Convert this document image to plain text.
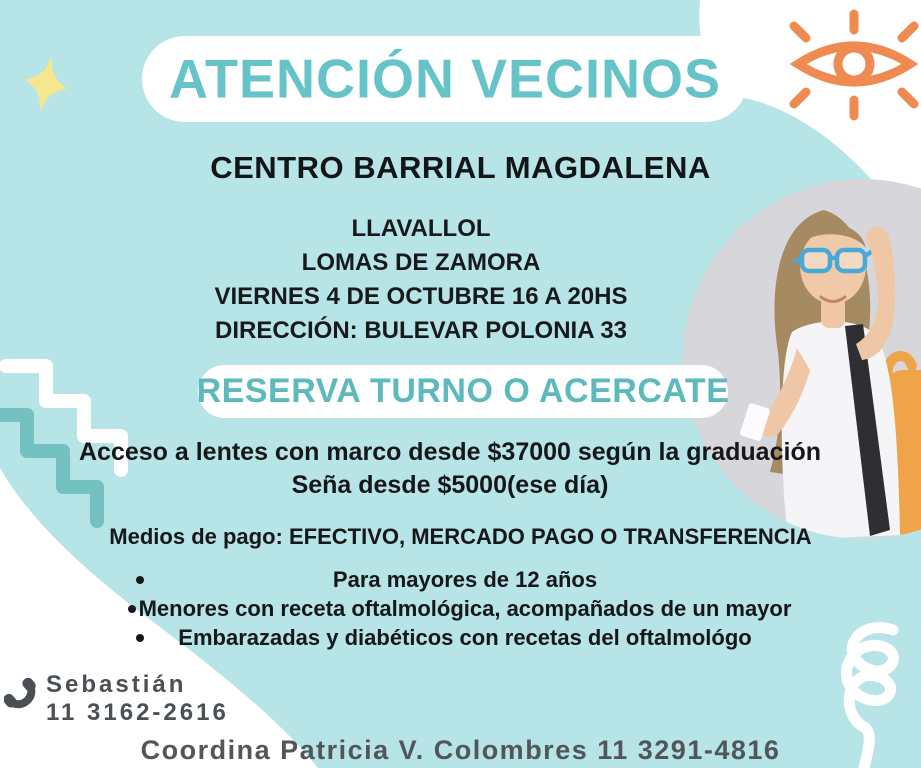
ATENCIÓN VECINOS
CENTRO BARRIAL MAGDALENA
LLAVALLOL
LOMAS DE ZAMORA
VIERNES 4 DE OCTUBRE 16 A 20HS
DIRECCIÓN: BULEVAR POLONIA 33
RESERVA TURNO O ACERCATE
Acceso a lentes con marco desde $37000 según la graduación
Seña desde $5000(ese día)
Medios de pago: EFECTIVO, MERCADO PAGO O TRANSFERENCIA
Para mayores de 12 años
Menores con receta oftalmológica, acompañados de un mayor
Embarazadas y diabéticos con recetas del oftalmológo
Sebastián
11 3162-2616
Coordina Patricia V. Colombres 11 3291-4816
